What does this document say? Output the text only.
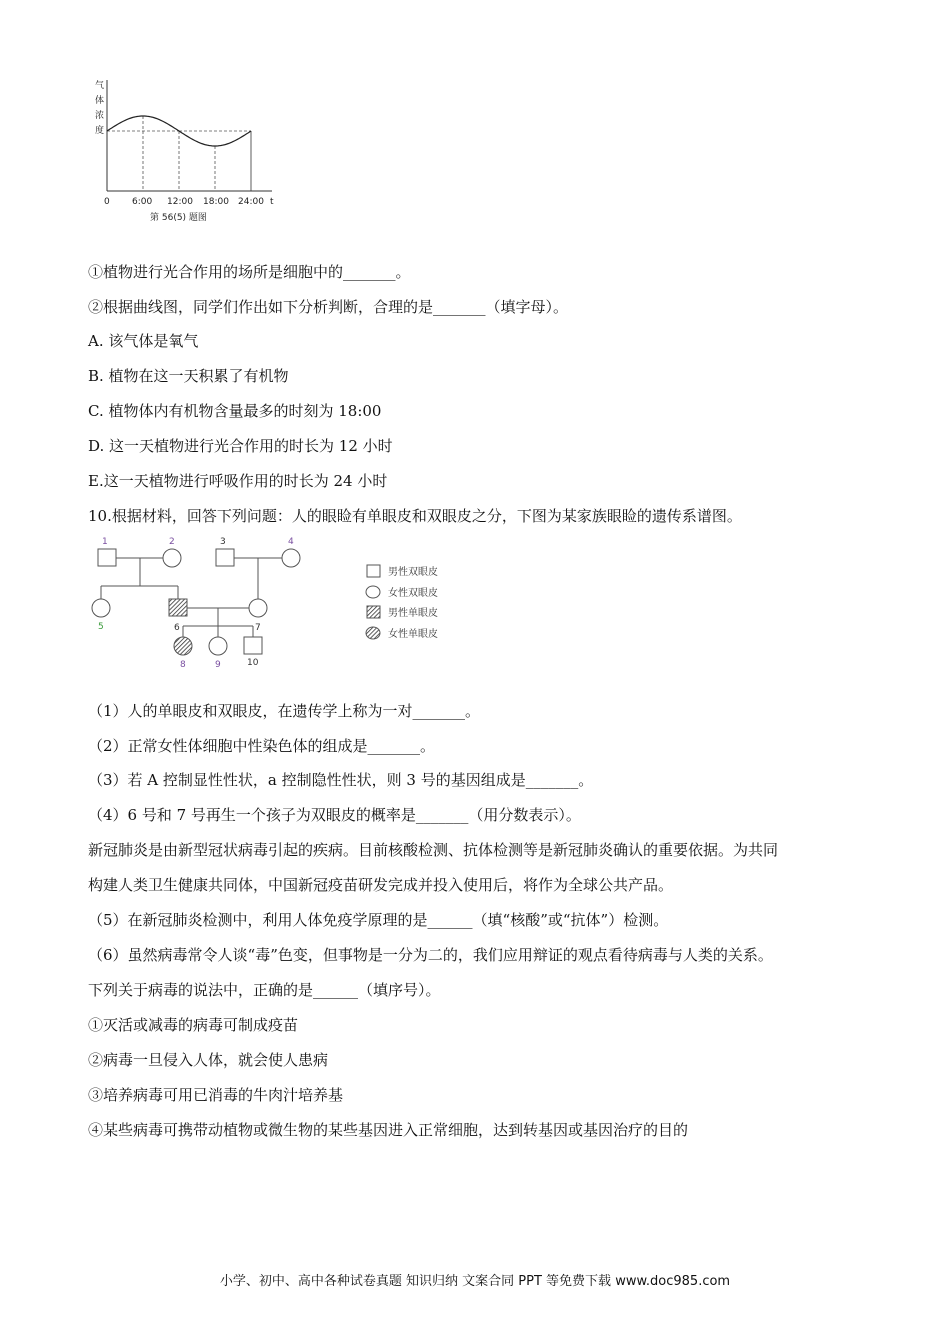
气
体
浓
度
0 6:00 12:00 18:00 24:00 t
第 56(5) 题图
①植物进行光合作用的场所是细胞中的_______。
②根据曲线图，同学们作出如下分析判断，合理的是_______（填字母）。
A. 该气体是氧气
B. 植物在这一天积累了有机物
C. 植物体内有机物含量最多的时刻为 18:00
D. 这一天植物进行光合作用的时长为 12 小时
E.这一天植物进行呼吸作用的时长为 24 小时
10.根据材料，回答下列问题：人的眼睑有单眼皮和双眼皮之分，下图为某家族眼睑的遗传系谱图。
1	2	3	4
5	6	7
8	9	10
男性双眼皮
女性双眼皮
男性单眼皮
女性单眼皮
（1）人的单眼皮和双眼皮，在遗传学上称为一对_______。
（2）正常女性体细胞中性染色体的组成是_______。
（3）若 A 控制显性性状，a 控制隐性性状，则 3 号的基因组成是_______。
（4）6 号和 7 号再生一个孩子为双眼皮的概率是_______（用分数表示）。
新冠肺炎是由新型冠状病毒引起的疾病。目前核酸检测、抗体检测等是新冠肺炎确认的重要依据。为共同
构建人类卫生健康共同体，中国新冠疫苗研发完成并投入使用后，将作为全球公共产品。
（5）在新冠肺炎检测中，利用人体免疫学原理的是______（填“核酸”或“抗体”）检测。
（6）虽然病毒常令人谈“毒”色变，但事物是一分为二的，我们应用辩证的观点看待病毒与人类的关系。
下列关于病毒的说法中，正确的是______（填序号）。
①灭活或减毒的病毒可制成疫苗
②病毒一旦侵入人体，就会使人患病
③培养病毒可用已消毒的牛肉汁培养基
④某些病毒可携带动植物或微生物的某些基因进入正常细胞，达到转基因或基因治疗的目的
小学、初中、高中各种试卷真题 知识归纳 文案合同 PPT 等免费下载 www.doc985.com
